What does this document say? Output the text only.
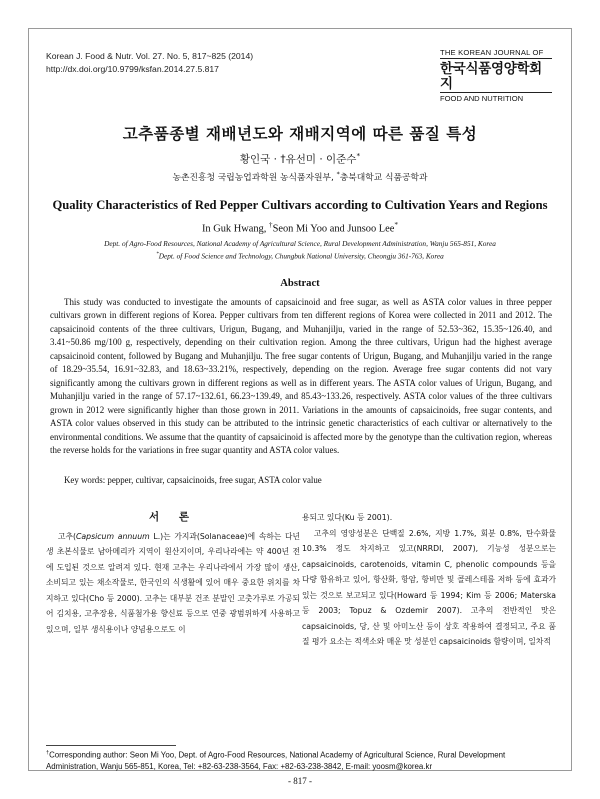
Korean J. Food & Nutr. Vol. 27. No. 5, 817~825 (2014)
http://dx.doi.org/10.9799/ksfan.2014.27.5.817
THE KOREAN JOURNAL OF
한국식품영양학회지
FOOD AND NUTRITION
고추품종별 재배년도와 재배지역에 따른 품질 특성
황인국 · †유선미 · 이준수*
농촌진흥청 국립농업과학원 농식품자원부, *충북대학교 식품공학과
Quality Characteristics of Red Pepper Cultivars according to Cultivation Years and Regions
In Guk Hwang, †Seon Mi Yoo and Junsoo Lee*
Dept. of Agro-Food Resources, National Academy of Agricultural Science, Rural Development Administration, Wanju 565-851, Korea
*Dept. of Food Science and Technology, Chungbuk National University, Cheongju 361-763, Korea
Abstract
This study was conducted to investigate the amounts of capsaicinoid and free sugar, as well as ASTA color values in three pepper cultivars grown in different regions of Korea. Pepper cultivars from ten different regions of Korea were collected in 2011 and 2012. The capsaicinoid contents of the three cultivars, Urigun, Bugang, and Muhanjilju, varied in the range of 52.53~362, 15.35~126.40, and 3.41~50.86 mg/100 g, respectively, depending on their cultivation region. Among the three cultivars, Urigun had the highest average capsaicinoid content, followed by Bugang and Muhanjilju. The free sugar contents of Urigun, Bugang, and Muhanjilju varied in the range of 18.29~35.54, 16.91~32.83, and 18.63~33.21%, respectively, depending on the region. Average free sugar contents did not vary significantly among the cultivars grown in different regions as well as in different years. The ASTA color values of Urigun, Bugang, and Muhanjilju varied in the range of 57.17~132.61, 66.23~139.49, and 85.43~133.26, respectively. ASTA color values of the three cultivars grown in 2012 were significantly higher than those grown in 2011. Variations in the amounts of capsaicinoids, free sugar contents, and ASTA color values observed in this study can be attributed to the intrinsic genetic characteristics of each cultivar or alternatively to the environmental conditions. We assume that the quantity of capsaicinoid is affected more by the genotype than the cultivation region, whereas the reverse holds for the variations in free sugar quantity and ASTA color values.
Key words: pepper, cultivar, capsaicinoids, free sugar, ASTA color value
서 론

고추(Capsicum annuum L.)는 가지과(Solanaceae)에 속하는 다년생 초본식물로 남아메리카 지역이 원산지이며, 우리나라에는 약 400년 전에 도입된 것으로 알려져 있다. 현재 고추는 우리나라에서 가장 많이 생산, 소비되고 있는 채소작물로, 한국인의 식생활에 있어 매우 중요한 위치를 차지하고 있다(Cho 등 2000). 고추는 대부분 건조 분말인 고춧가루로 가공되어 김치용, 고추장용, 식품첨가용 향신료 등으로 연중 광범위하게 사용하고 있으며, 일부 생식용이나 양념용으로도 이

용되고 있다(Ku 등 2001).

고추의 영양성분은 단백질 2.6%, 지방 1.7%, 회분 0.8%, 탄수화물 10.3% 정도 차지하고 있고(NRRDI, 2007), 기능성 성분으로는 capsaicinoids, carotenoids, vitamin C, phenolic compounds 등을 다량 함유하고 있어, 항산화, 항암, 항비만 및 콜레스테롤 저하 등에 효과가 있는 것으로 보고되고 있다(Howard 등 1994; Kim 등 2006; Materska 등 2003; Topuz & Ozdemir 2007). 고추의 전반적인 맛은 capsaicinoids, 당, 산 및 아미노산 등이 상호 작용하여 결정되고, 주요 품질 평가 요소는 적색소와 매운 맛 성분인 capsaicinoids 함량이며, 일차적

†Corresponding author: Seon Mi Yoo, Dept. of Agro-Food Resources, National Academy of Agricultural Science, Rural Development Administration, Wanju 565-851, Korea, Tel: +82-63-238-3564, Fax: +82-63-238-3842, E-mail: yoosm@korea.kr
- 817 -
